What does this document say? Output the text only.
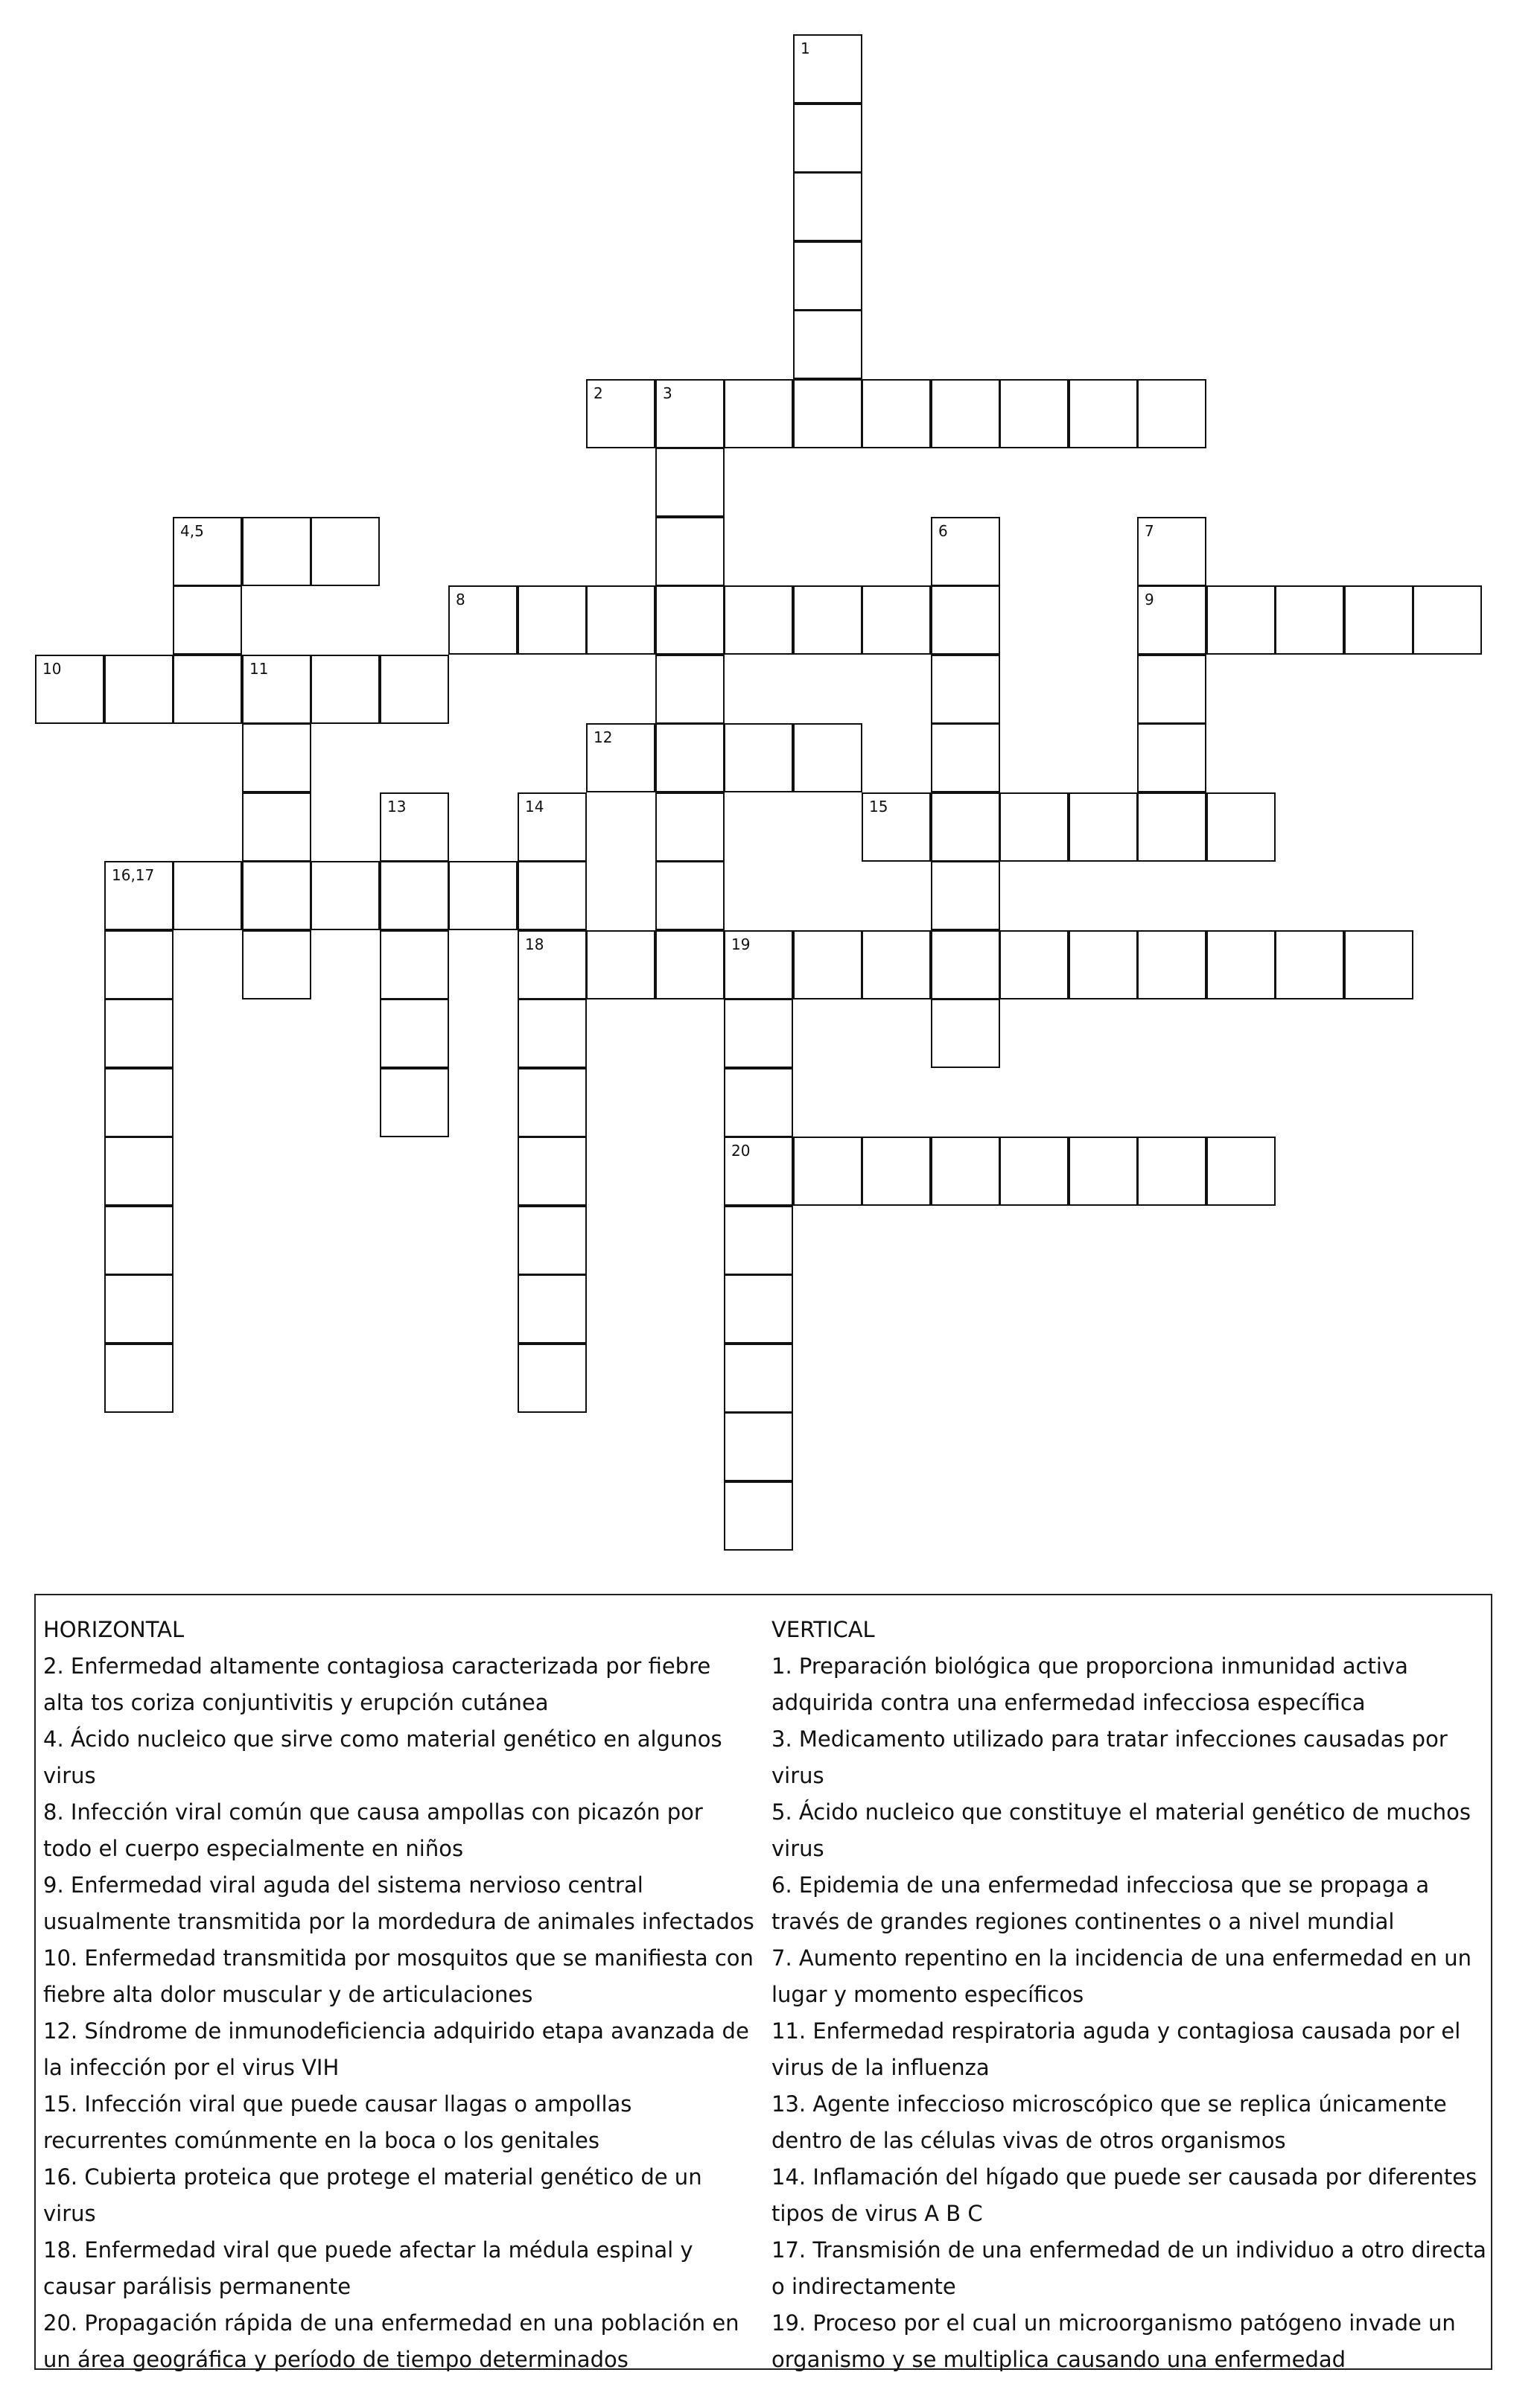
1
2	3
4,5	6	7
8	9
10	11
12
13	14	15
16,17
18	19
20
HORIZONTAL
2. Enfermedad altamente contagiosa caracterizada por fiebre alta tos coriza conjuntivitis y erupción cutánea
4. Ácido nucleico que sirve como material genético en algunos virus
8. Infección viral común que causa ampollas con picazón por todo el cuerpo especialmente en niños
9. Enfermedad viral aguda del sistema nervioso central usualmente transmitida por la mordedura de animales infectados
10. Enfermedad transmitida por mosquitos que se manifiesta con fiebre alta dolor muscular y de articulaciones
12. Síndrome de inmunodeficiencia adquirido etapa avanzada de la infección por el virus VIH
15. Infección viral que puede causar llagas o ampollas recurrentes comúnmente en la boca o los genitales
16. Cubierta proteica que protege el material genético de un virus
18. Enfermedad viral que puede afectar la médula espinal y causar parálisis permanente
20. Propagación rápida de una enfermedad en una población en un área geográfica y período de tiempo determinados
VERTICAL
1. Preparación biológica que proporciona inmunidad activa adquirida contra una enfermedad infecciosa específica
3. Medicamento utilizado para tratar infecciones causadas por virus
5. Ácido nucleico que constituye el material genético de muchos virus
6. Epidemia de una enfermedad infecciosa que se propaga a través de grandes regiones continentes o a nivel mundial
7. Aumento repentino en la incidencia de una enfermedad en un lugar y momento específicos
11. Enfermedad respiratoria aguda y contagiosa causada por el virus de la influenza
13. Agente infeccioso microscópico que se replica únicamente dentro de las células vivas de otros organismos
14. Inflamación del hígado que puede ser causada por diferentes tipos de virus A B C
17. Transmisión de una enfermedad de un individuo a otro directa o indirectamente
19. Proceso por el cual un microorganismo patógeno invade un organismo y se multiplica causando una enfermedad
